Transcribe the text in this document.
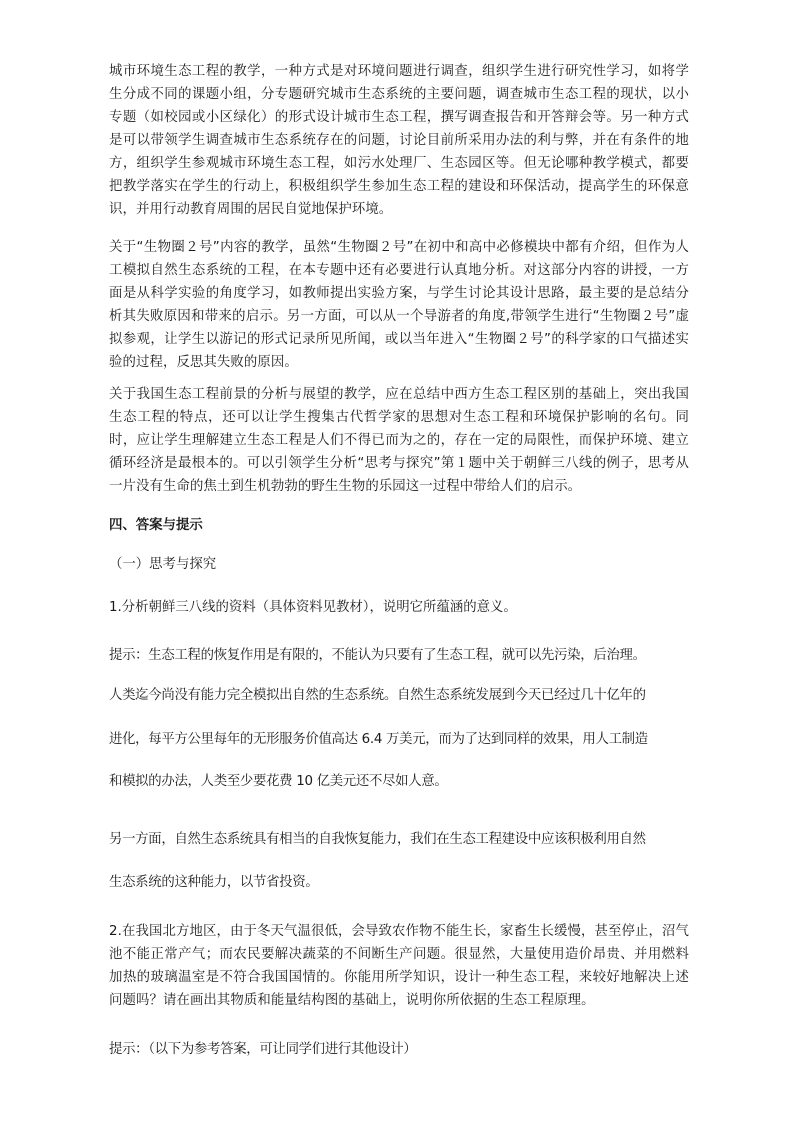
城市环境生态工程的教学，一种方式是对环境问题进行调查，组织学生进行研究性学习，如将学生分成不同的课题小组，分专题研究城市生态系统的主要问题，调查城市生态工程的现状，以小专题（如校园或小区绿化）的形式设计城市生态工程，撰写调查报告和开答辩会等。另一种方式是可以带领学生调查城市生态系统存在的问题，讨论目前所采用办法的利与弊，并在有条件的地方，组织学生参观城市环境生态工程，如污水处理厂、生态园区等。但无论哪种教学模式，都要把教学落实在学生的行动上，积极组织学生参加生态工程的建设和环保活动，提高学生的环保意识，并用行动教育周围的居民自觉地保护环境。

关于“生物圈２号”内容的教学，虽然“生物圈２号”在初中和高中必修模块中都有介绍，但作为人工模拟自然生态系统的工程，在本专题中还有必要进行认真地分析。对这部分内容的讲授，一方面是从科学实验的角度学习，如教师提出实验方案，与学生讨论其设计思路，最主要的是总结分析其失败原因和带来的启示。另一方面，可以从一个导游者的角度,带领学生进行“生物圈２号”虚拟参观，让学生以游记的形式记录所见所闻，或以当年进入“生物圈２号”的科学家的口气描述实验的过程，反思其失败的原因。

关于我国生态工程前景的分析与展望的教学，应在总结中西方生态工程区别的基础上，突出我国生态工程的特点，还可以让学生搜集古代哲学家的思想对生态工程和环境保护影响的名句。同时，应让学生理解建立生态工程是人们不得已而为之的，存在一定的局限性，而保护环境、建立循环经济是最根本的。可以引领学生分析“思考与探究”第１题中关于朝鲜三八线的例子，思考从一片没有生命的焦土到生机勃勃的野生生物的乐园这一过程中带给人们的启示。

四、答案与提示

（一）思考与探究

1.分析朝鲜三八线的资料（具体资料见教材），说明它所蕴涵的意义。

提示：生态工程的恢复作用是有限的，不能认为只要有了生态工程，就可以先污染，后治理。

人类迄今尚没有能力完全模拟出自然的生态系统。自然生态系统发展到今天已经过几十亿年的

进化，每平方公里每年的无形服务价值高达 6.4 万美元，而为了达到同样的效果，用人工制造

和模拟的办法，人类至少要花费 10 亿美元还不尽如人意。

另一方面，自然生态系统具有相当的自我恢复能力，我们在生态工程建设中应该积极利用自然

生态系统的这种能力，以节省投资。

2.在我国北方地区，由于冬天气温很低，会导致农作物不能生长，家畜生长缓慢，甚至停止，沼气池不能正常产气；而农民要解决蔬菜的不间断生产问题。很显然，大量使用造价昂贵、并用燃料加热的玻璃温室是不符合我国国情的。你能用所学知识，设计一种生态工程，来较好地解决上述问题吗？请在画出其物质和能量结构图的基础上，说明你所依据的生态工程原理。

提示：（以下为参考答案，可让同学们进行其他设计）
